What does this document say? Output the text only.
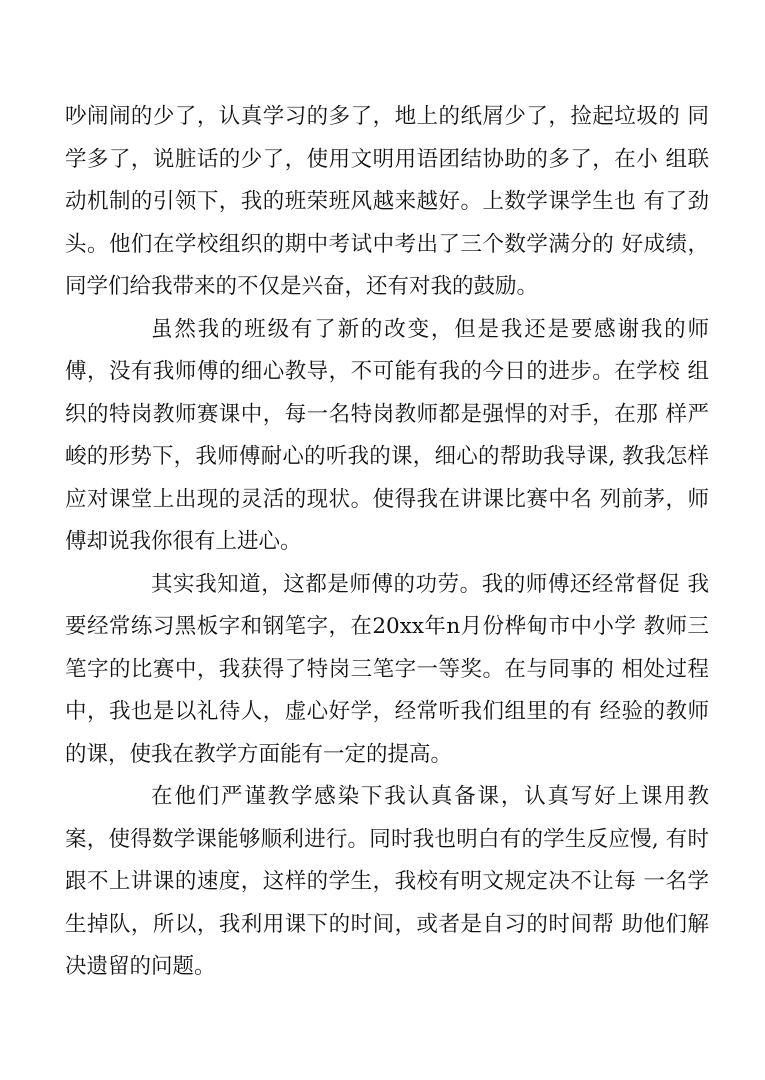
吵闹闹的少了，认真学习的多了，地上的纸屑少了，捡起垃圾的 同学多了，说脏话的少了，使用文明用语团结协助的多了，在小 组联动机制的引领下，我的班荣班风越来越好。上数学课学生也 有了劲头。他们在学校组织的期中考试中考出了三个数学满分的 好成绩，同学们给我带来的不仅是兴奋，还有对我的鼓励。

虽然我的班级有了新的改变，但是我还是要感谢我的师 傅，没有我师傅的细心教导，不可能有我的今日的进步。在学校 组织的特岗教师赛课中，每一名特岗教师都是强悍的对手，在那 样严峻的形势下，我师傅耐心的听我的课，细心的帮助我导课, 教我怎样应对课堂上出现的灵活的现状。使得我在讲课比赛中名 列前茅，师傅却说我你很有上进心。

其实我知道，这都是师傅的功劳。我的师傅还经常督促 我要经常练习黑板字和钢笔字，在20xx年n月份桦甸市中小学 教师三笔字的比赛中，我获得了特岗三笔字一等奖。在与同事的 相处过程中，我也是以礼待人，虚心好学，经常听我们组里的有 经验的教师的课，使我在教学方面能有一定的提高。

在他们严谨教学感染下我认真备课，认真写好上课用教 案，使得数学课能够顺利进行。同时我也明白有的学生反应慢, 有时跟不上讲课的速度，这样的学生，我校有明文规定决不让每 一名学生掉队，所以，我利用课下的时间，或者是自习的时间帮 助他们解决遗留的问题。
